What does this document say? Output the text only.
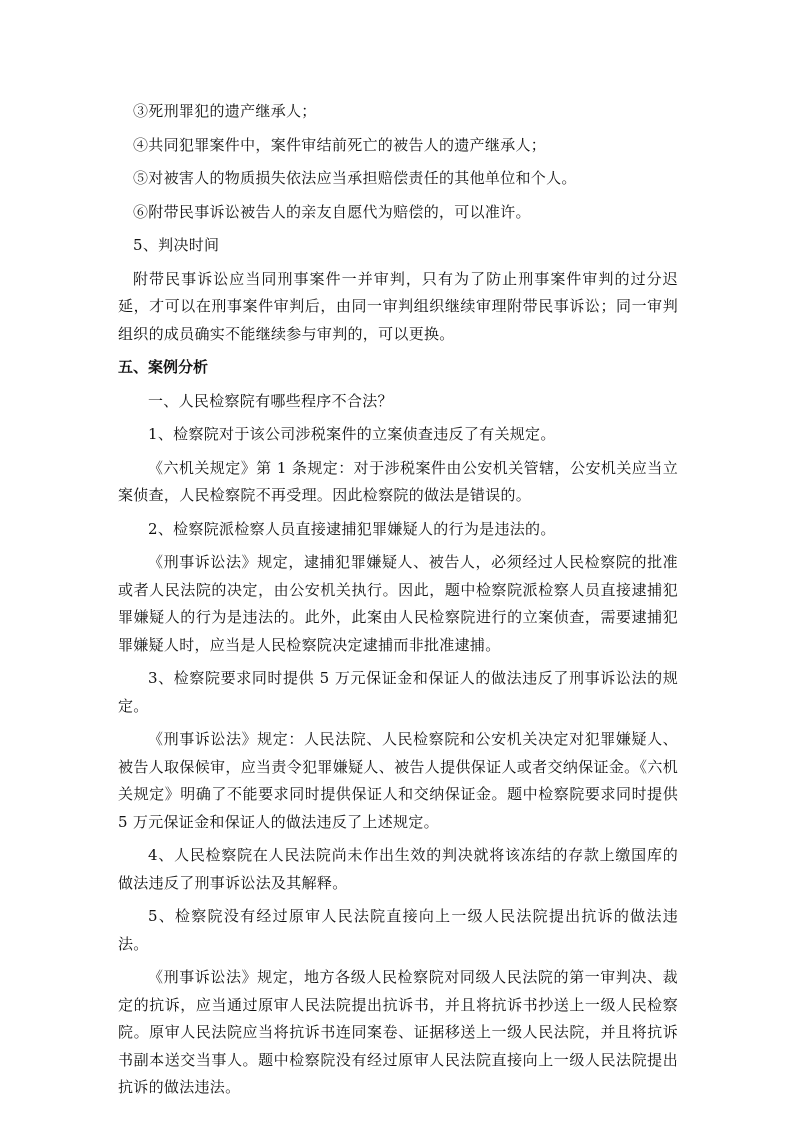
③死刑罪犯的遗产继承人；

④共同犯罪案件中，案件审结前死亡的被告人的遗产继承人；

⑤对被害人的物质损失依法应当承担赔偿责任的其他单位和个人。

⑥附带民事诉讼被告人的亲友自愿代为赔偿的，可以准许。

5、判决时间

附带民事诉讼应当同刑事案件一并审判，只有为了防止刑事案件审判的过分迟延，才可以在刑事案件审判后，由同一审判组织继续审理附带民事诉讼；同一审判组织的成员确实不能继续参与审判的，可以更换。

五、案例分析

一、人民检察院有哪些程序不合法？

1、检察院对于该公司涉税案件的立案侦查违反了有关规定。

《六机关规定》第 1 条规定：对于涉税案件由公安机关管辖，公安机关应当立案侦查，人民检察院不再受理。因此检察院的做法是错误的。

2、检察院派检察人员直接逮捕犯罪嫌疑人的行为是违法的。

《刑事诉讼法》规定，逮捕犯罪嫌疑人、被告人，必须经过人民检察院的批准或者人民法院的决定，由公安机关执行。因此，题中检察院派检察人员直接逮捕犯罪嫌疑人的行为是违法的。此外，此案由人民检察院进行的立案侦查，需要逮捕犯罪嫌疑人时，应当是人民检察院决定逮捕而非批准逮捕。

3、检察院要求同时提供 5 万元保证金和保证人的做法违反了刑事诉讼法的规定。

《刑事诉讼法》规定：人民法院、人民检察院和公安机关决定对犯罪嫌疑人、被告人取保候审，应当责令犯罪嫌疑人、被告人提供保证人或者交纳保证金。《六机关规定》明确了不能要求同时提供保证人和交纳保证金。题中检察院要求同时提供 5 万元保证金和保证人的做法违反了上述规定。

4、人民检察院在人民法院尚未作出生效的判决就将该冻结的存款上缴国库的做法违反了刑事诉讼法及其解释。

5、检察院没有经过原审人民法院直接向上一级人民法院提出抗诉的做法违法。

《刑事诉讼法》规定，地方各级人民检察院对同级人民法院的第一审判决、裁定的抗诉，应当通过原审人民法院提出抗诉书，并且将抗诉书抄送上一级人民检察院。原审人民法院应当将抗诉书连同案卷、证据移送上一级人民法院，并且将抗诉书副本送交当事人。题中检察院没有经过原审人民法院直接向上一级人民法院提出抗诉的做法违法。
